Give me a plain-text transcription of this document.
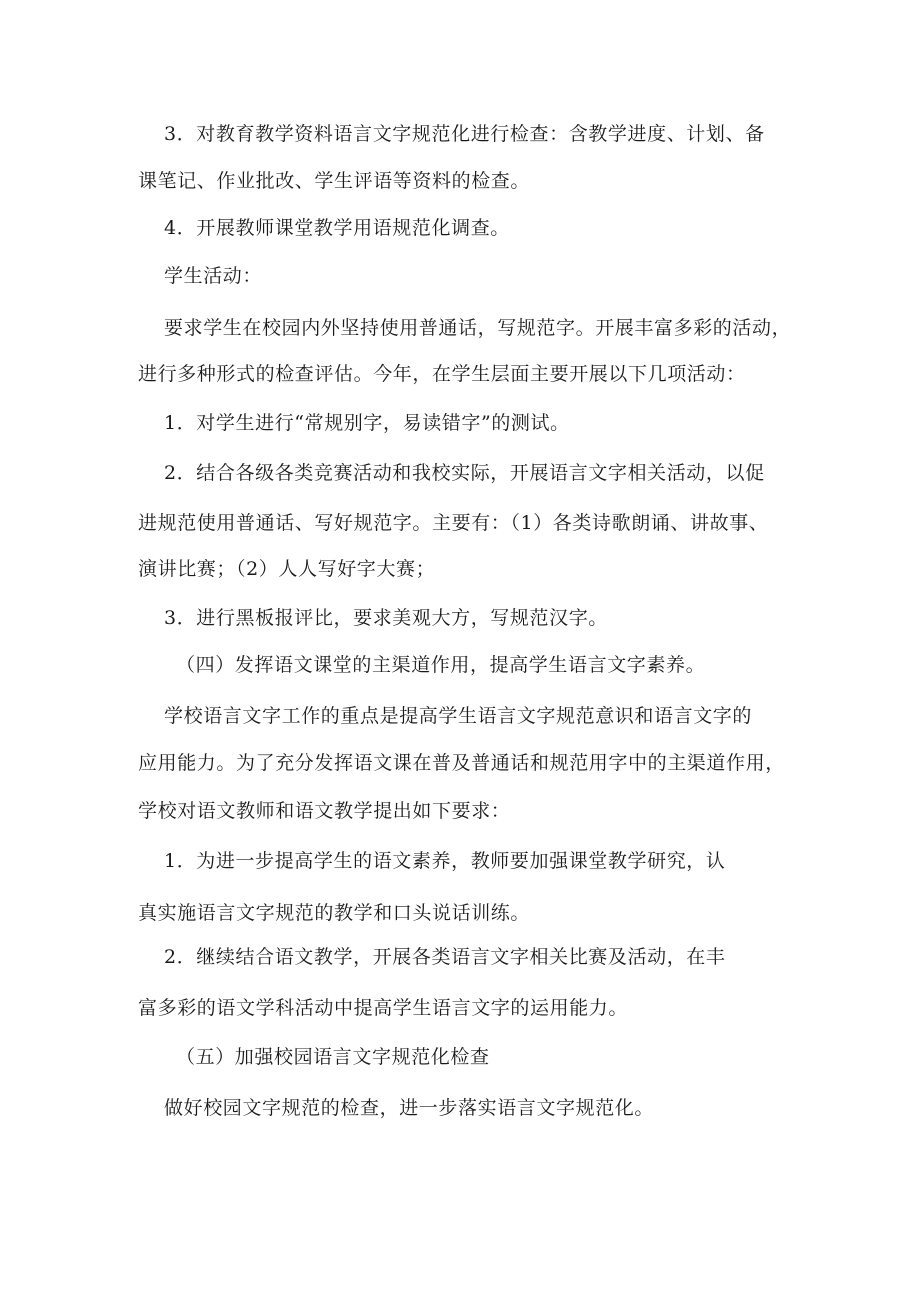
3．对教育教学资料语言文字规范化进行检查：含教学进度、计划、备
课笔记、作业批改、学生评语等资料的检查。
4．开展教师课堂教学用语规范化调查。
学生活动：
要求学生在校园内外坚持使用普通话，写规范字。开展丰富多彩的活动，
进行多种形式的检查评估。今年，在学生层面主要开展以下几项活动：
1．对学生进行“常规别字，易读错字”的测试。
2．结合各级各类竞赛活动和我校实际，开展语言文字相关活动，以促
进规范使用普通话、写好规范字。主要有：（1）各类诗歌朗诵、讲故事、
演讲比赛；（2）人人写好字大赛；
3．进行黑板报评比，要求美观大方，写规范汉字。
（四）发挥语文课堂的主渠道作用，提高学生语言文字素养。
学校语言文字工作的重点是提高学生语言文字规范意识和语言文字的
应用能力。为了充分发挥语文课在普及普通话和规范用字中的主渠道作用，
学校对语文教师和语文教学提出如下要求：
1．为进一步提高学生的语文素养，教师要加强课堂教学研究，认
真实施语言文字规范的教学和口头说话训练。
2．继续结合语文教学，开展各类语言文字相关比赛及活动，在丰
富多彩的语文学科活动中提高学生语言文字的运用能力。
（五）加强校园语言文字规范化检查
做好校园文字规范的检查，进一步落实语言文字规范化。
